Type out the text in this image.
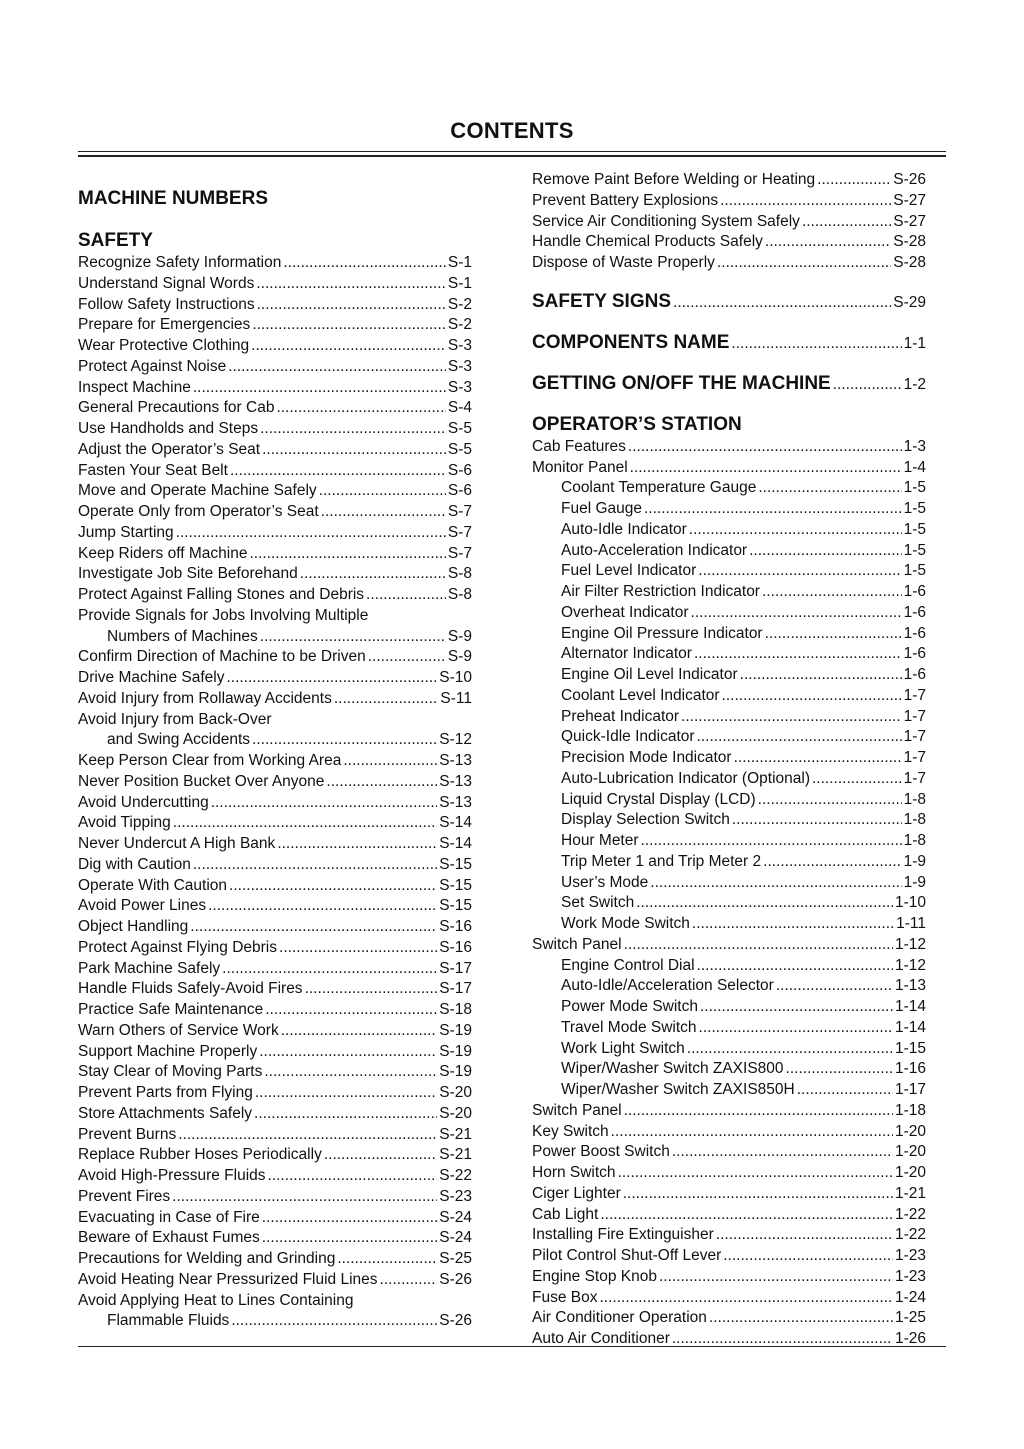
CONTENTS
MACHINE NUMBERS
SAFETY
Recognize Safety Information .....	S-1
Understand Signal Words .....	S-1
Follow Safety Instructions .....	S-2
Prepare for Emergencies .....	S-2
Wear Protective Clothing .....	S-3
Protect Against Noise .....	S-3
Inspect Machine .....	S-3
General Precautions for Cab .....	S-4
Use Handholds and Steps .....	S-5
Adjust the Operator’s Seat .....	S-5
Fasten Your Seat Belt .....	S-6
Move and Operate Machine Safely .....	S-6
Operate Only from Operator’s Seat .....	S-7
Jump Starting .....	S-7
Keep Riders off Machine .....	S-7
Investigate Job Site Beforehand .....	S-8
Protect Against Falling Stones and Debris .....	S-8
Provide Signals for Jobs Involving Multiple
Numbers of Machines .....	S-9
Confirm Direction of Machine to be Driven .....	S-9
Drive Machine Safely .....	S-10
Avoid Injury from Rollaway Accidents .....	S-11
Avoid Injury from Back-Over
and Swing Accidents .....	S-12
Keep Person Clear from Working Area .....	S-13
Never Position Bucket Over Anyone .....	S-13
Avoid Undercutting .....	S-13
Avoid Tipping .....	S-14
Never Undercut A High Bank .....	S-14
Dig with Caution .....	S-15
Operate With Caution .....	S-15
Avoid Power Lines .....	S-15
Object Handling .....	S-16
Protect Against Flying Debris .....	S-16
Park Machine Safely .....	S-17
Handle Fluids Safely-Avoid Fires .....	S-17
Practice Safe Maintenance .....	S-18
Warn Others of Service Work .....	S-19
Support Machine Properly .....	S-19
Stay Clear of Moving Parts .....	S-19
Prevent Parts from Flying .....	S-20
Store Attachments Safely .....	S-20
Prevent Burns .....	S-21
Replace Rubber Hoses Periodically .....	S-21
Avoid High-Pressure Fluids .....	S-22
Prevent Fires .....	S-23
Evacuating in Case of Fire .....	S-24
Beware of Exhaust Fumes .....	S-24
Precautions for Welding and Grinding .....	S-25
Avoid Heating Near Pressurized Fluid Lines .....	S-26
Avoid Applying Heat to Lines Containing
Flammable Fluids .....	S-26
Remove Paint Before Welding or Heating .....	S-26
Prevent Battery Explosions .....	S-27
Service Air Conditioning System Safely .....	S-27
Handle Chemical Products Safely .....	S-28
Dispose of Waste Properly .....	S-28
SAFETY SIGNS .....	S-29
COMPONENTS NAME .....	1-1
GETTING ON/OFF THE MACHINE .....	1-2
OPERATOR’S STATION
Cab Features .....	1-3
Monitor Panel .....	1-4
Coolant Temperature Gauge .....	1-5
Fuel Gauge .....	1-5
Auto-Idle Indicator .....	1-5
Auto-Acceleration Indicator .....	1-5
Fuel Level Indicator .....	1-5
Air Filter Restriction Indicator .....	1-6
Overheat Indicator .....	1-6
Engine Oil Pressure Indicator .....	1-6
Alternator Indicator .....	1-6
Engine Oil Level Indicator .....	1-6
Coolant Level Indicator .....	1-7
Preheat Indicator .....	1-7
Quick-Idle Indicator .....	1-7
Precision Mode Indicator .....	1-7
Auto-Lubrication Indicator (Optional) .....	1-7
Liquid Crystal Display (LCD) .....	1-8
Display Selection Switch .....	1-8
Hour Meter .....	1-8
Trip Meter 1 and Trip Meter 2 .....	1-9
User’s Mode .....	1-9
Set Switch .....	1-10
Work Mode Switch .....	1-11
Switch Panel .....	1-12
Engine Control Dial .....	1-12
Auto-Idle/Acceleration Selector .....	1-13
Power Mode Switch .....	1-14
Travel Mode Switch .....	1-14
Work Light Switch .....	1-15
Wiper/Washer Switch ZAXIS800 .....	1-16
Wiper/Washer Switch ZAXIS850H .....	1-17
Switch Panel .....	1-18
Key Switch .....	1-20
Power Boost Switch .....	1-20
Horn Switch .....	1-20
Ciger Lighter .....	1-21
Cab Light .....	1-22
Installing Fire Extinguisher .....	1-22
Pilot Control Shut-Off Lever .....	1-23
Engine Stop Knob .....	1-23
Fuse Box .....	1-24
Air Conditioner Operation .....	1-25
Auto Air Conditioner .....	1-26
